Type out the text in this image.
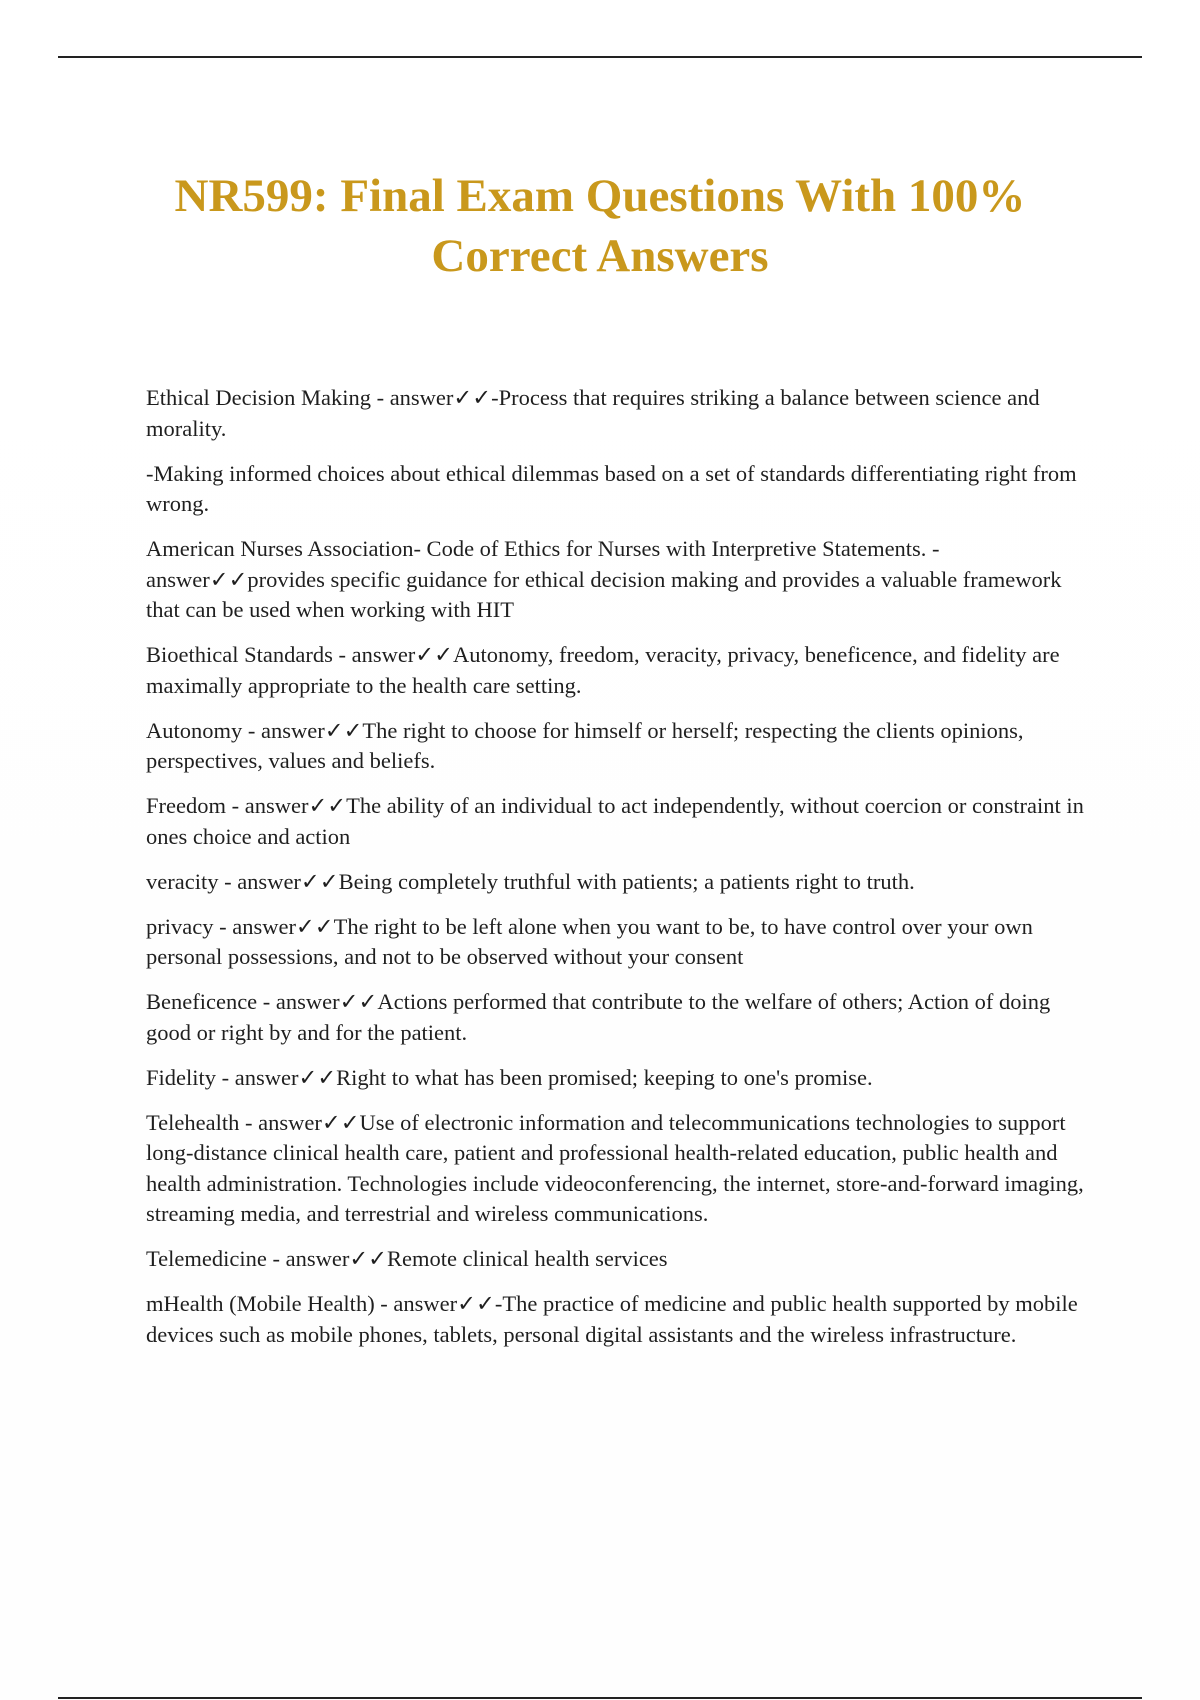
NR599: Final Exam Questions With 100% Correct Answers

Ethical Decision Making - answer✓✓-Process that requires striking a balance between science and morality.

-Making informed choices about ethical dilemmas based on a set of standards differentiating right from wrong.

American Nurses Association- Code of Ethics for Nurses with Interpretive Statements. - answer✓✓provides specific guidance for ethical decision making and provides a valuable framework that can be used when working with HIT

Bioethical Standards - answer✓✓Autonomy, freedom, veracity, privacy, beneficence, and fidelity are maximally appropriate to the health care setting.

Autonomy - answer✓✓The right to choose for himself or herself; respecting the clients opinions, perspectives, values and beliefs.

Freedom - answer✓✓The ability of an individual to act independently, without coercion or constraint in ones choice and action

veracity - answer✓✓Being completely truthful with patients; a patients right to truth.

privacy - answer✓✓The right to be left alone when you want to be, to have control over your own personal possessions, and not to be observed without your consent

Beneficence - answer✓✓Actions performed that contribute to the welfare of others; Action of doing good or right by and for the patient.

Fidelity - answer✓✓Right to what has been promised; keeping to one's promise.

Telehealth - answer✓✓Use of electronic information and telecommunications technologies to support long-distance clinical health care, patient and professional health-related education, public health and health administration. Technologies include videoconferencing, the internet, store-and-forward imaging, streaming media, and terrestrial and wireless communications.

Telemedicine - answer✓✓Remote clinical health services

mHealth (Mobile Health) - answer✓✓-The practice of medicine and public health supported by mobile devices such as mobile phones, tablets, personal digital assistants and the wireless infrastructure.
